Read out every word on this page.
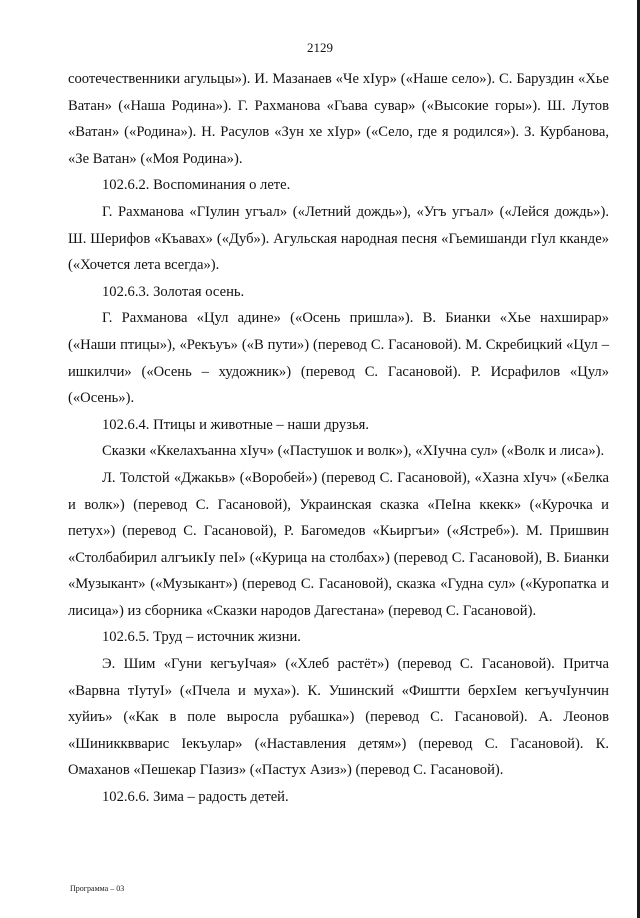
2129

соотечественники агульцы»). И. Мазанаев «Че хIур» («Наше село»). С. Баруздин «Хье Ватан» («Наша Родина»). Г. Рахманова «Гьава сувар» («Высокие горы»). Ш. Лутов «Ватан» («Родина»). Н. Расулов «Зун хе хIур» («Село, где я родился»). З. Курбанова, «Зе Ватан» («Моя Родина»).

102.6.2. Воспоминания о лете.

Г. Рахманова «ГIулин угъал» («Летний дождь»), «Угъ угъал» («Лейся дождь»). Ш. Шерифов «Къавах» («Дуб»). Агульская народная песня «Гьемишанди гIул кканде» («Хочется лета всегда»).

102.6.3. Золотая осень.

Г. Рахманова «Цул адине» («Осень пришла»). В. Бианки «Хье нахширар» («Наши птицы»), «Рекъуъ» («В пути») (перевод С. Гасановой). М. Скребицкий «Цул – ишкилчи» («Осень – художник») (перевод С. Гасановой). Р. Исрафилов «Цул» («Осень»).

102.6.4. Птицы и животные – наши друзья.

Сказки «Ккелахъанна хIуч» («Пастушок и волк»), «ХIучна сул» («Волк и лиса»).

Л. Толстой «Джакьв» («Воробей») (перевод С. Гасановой), «Хазна хIуч» («Белка и волк») (перевод С. Гасановой), Украинская сказка «ПеIна ккекк» («Курочка и петух») (перевод С. Гасановой), Р. Багомедов «Кьиргъи» («Ястреб»). М. Пришвин «Столбабирил алгъикIу пеI» («Курица на столбах») (перевод С. Гасановой), В. Бианки «Музыкант» («Музыкант») (перевод С. Гасановой), сказка «Гудна сул» («Куропатка и лисица») из сборника «Сказки народов Дагестана» (перевод С. Гасановой).

102.6.5. Труд – источник жизни.

Э. Шим «Гуни кегъуIчая» («Хлеб растёт») (перевод С. Гасановой). Притча «Варвна тIутуI» («Пчела и муха»). К. Ушинский «Фиштти берхIем кегъучIунчин хуйиъ» («Как в поле выросла рубашка») (перевод С. Гасановой). А. Леонов «Шиникквварис Iекъулар» («Наставления детям») (перевод С. Гасановой). К. Омаханов «Пешекар ГIазиз» («Пастух Азиз») (перевод С. Гасановой).

102.6.6. Зима – радость детей.

Программа – 03
